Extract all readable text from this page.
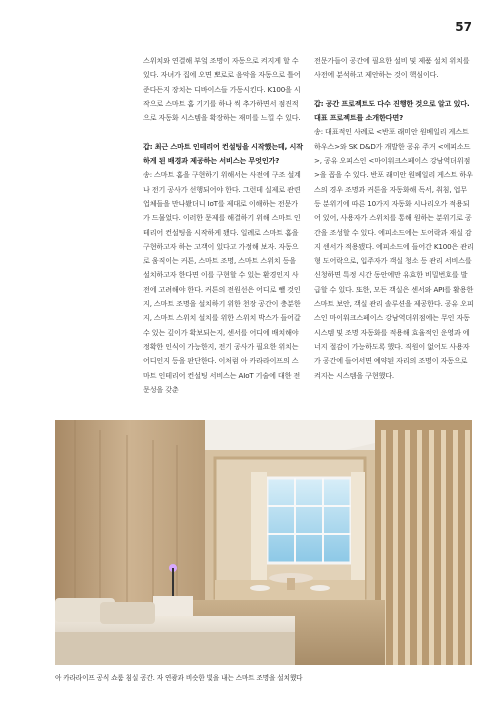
57

스위치와 연결해 부엌 조명이 자동으로 켜지게 할 수 있다. 자녀가 집에 오면 뽀로로 음악을 자동으로 틀어준다든지 장치는 디바이스들 가동시킨다. K100을 시작으로 스마트 홈 기기를 하나 씩 추가하면서 점진적으로 자동화 시스템을 확장하는 재미를 느낄 수 있다.

갑: 최근 스마트 인테리어 컨설팅을 시작했는데, 시작하게 된 배경과 제공하는 서비스는 무엇인가?

송: 스마트 홈을 구현하기 위해서는 사전에 구조 설계나 전기 공사가 선행되어야 한다. 그런데 실제로 관련 업체들을 만나봤더니 IoT를 제대로 이해하는 전문가가 드물었다. 이러한 문제를 해결하기 위해 스마트 인테리어 컨설팅을 시작하게 됐다. 일례로 스마트 홈을 구현하고자 하는 고객이 있다고 가정해 보자. 자동으로 움직이는 커튼, 스마트 조명, 스마트 스위치 등을 설치하고자 한다면 이를 구현할 수 있는 환경인지 사전에 고려해야 한다. 커튼의 전원선은 어디로 뺄 것인지, 스마트 조명을 설치하기 위한 천장 공간이 충분한지, 스마트 스위치 설치를 위한 스위치 박스가 들어갈 수 있는 깊이가 확보되는지, 센서를 어디에 배치해야 정확한 인식이 가능한지, 전기 공사가 필요한 위치는 어디인지 등을 판단한다. 이처럼 아 카라라이프의 스마트 인테리어 컨설팅 서비스는 AIoT 기술에 대한 전문성을 갖춘

전문가들이 공간에 필요한 설비 및 제품 설치 위치를 사전에 분석하고 제안하는 것이 핵심이다.

갑: 공간 프로젝트도 다수 진행한 것으로 알고 있다. 대표 프로젝트를 소개한다면?

송: 대표적인 사례로 <반포 래미안 원베일리 게스트 하우스>와 SK D&D가 개발한 공유 주거 <에피소드>, 공유 오피스인 <마이워크스페이스 강남역더위점>을 꼽을 수 있다. 반포 래미안 원베일리 게스트 하우스의 경우 조명과 커튼을 자동화해 독서, 취침, 업무 등 분위기에 따른 10가지 자동화 시나리오가 적용되어 있어, 사용자가 스위치를 통해 원하는 분위기로 공간을 조성할 수 있다. 에피소드에는 도어락과 재실 감지 센서가 적용됐다. 에피소드에 들어간 K100은 관리형 도어락으로, 입주자가 객실 청소 등 관리 서비스를 신청하면 특정 시간 동안에만 유효한 비밀번호를 발급할 수 있다. 또한, 모든 객실은 센서와 API를 활용한 스마트 보안, 객실 관리 솔루션을 제공한다. 공유 오피스인 마이워크스페이스 강남역더위점에는 무인 자동 시스템 및 조명 자동화를 적용해 효율적인 운영과 에너지 절감이 가능하도록 했다. 직원이 없어도 사용자가 공간에 들어서면 예약된 자리의 조명이 자동으로 켜지는 시스템을 구현했다.

아 카라라이프 공식 쇼룸 침실 공간. 자 연광과 비슷한 빛을 내는 스마트 조명을 설치했다
